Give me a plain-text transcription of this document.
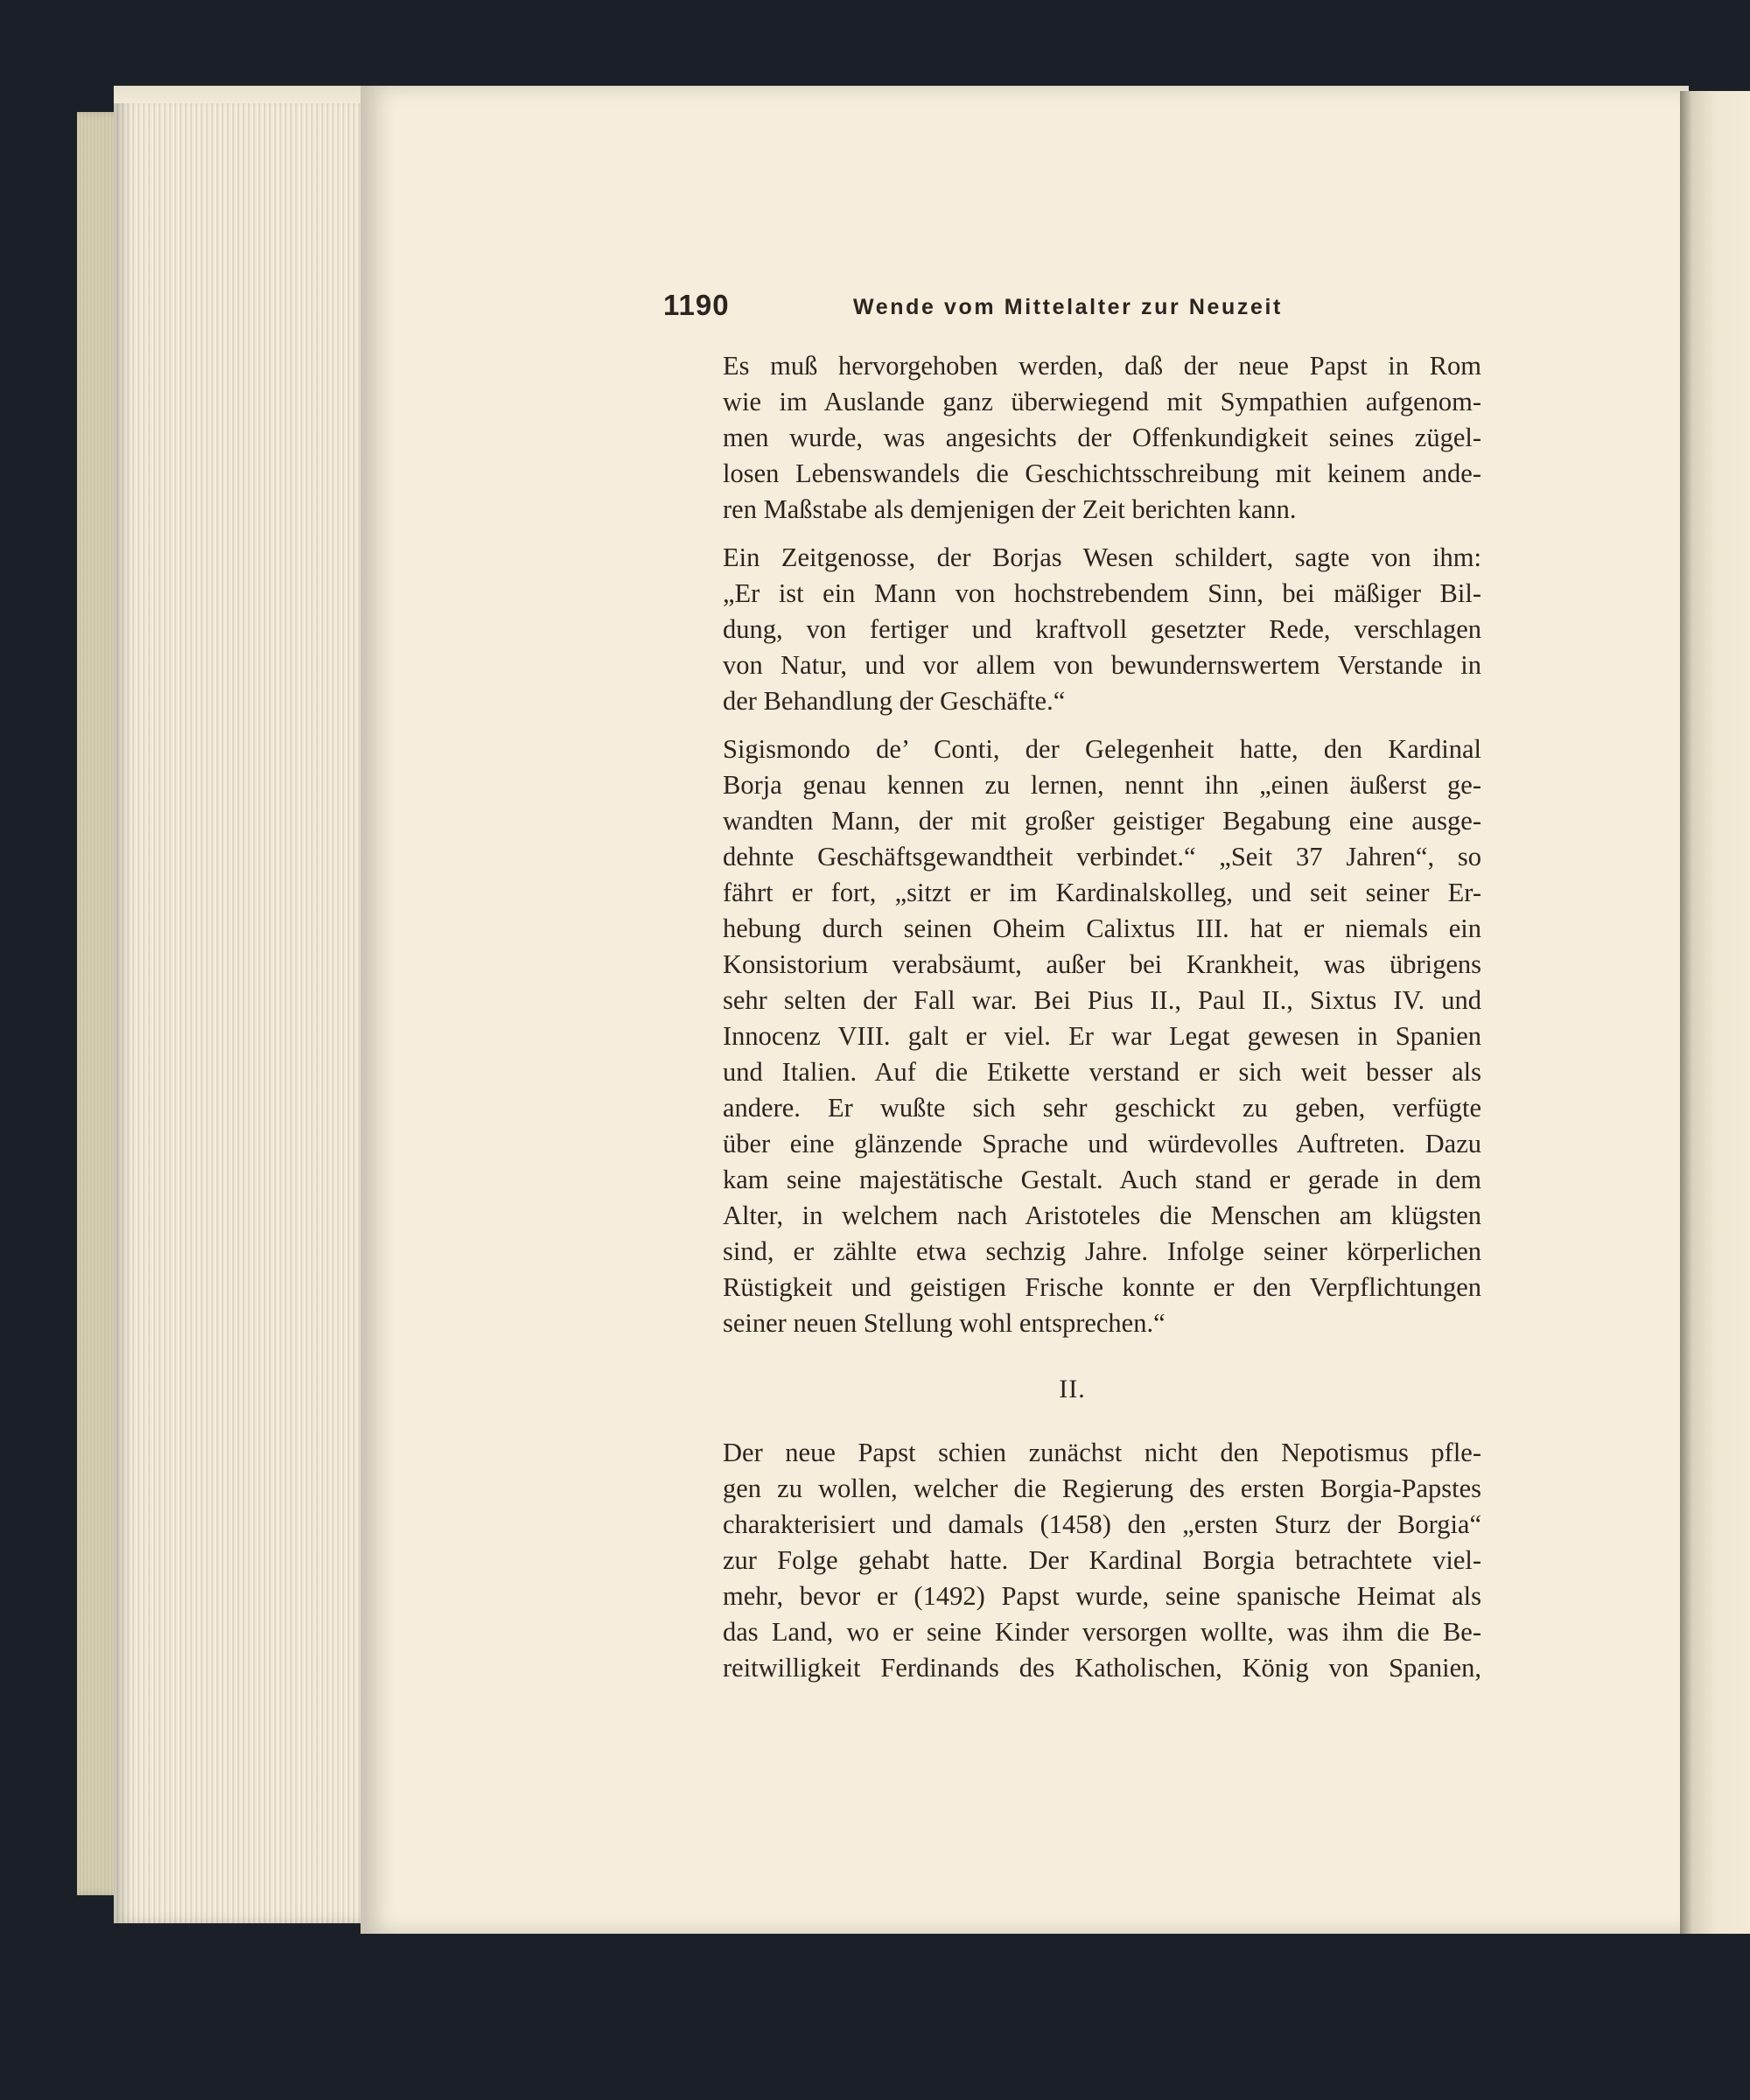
1190	Wende vom Mittelalter zur Neuzeit

Es muß hervorgehoben werden, daß der neue Papst in Rom
wie im Auslande ganz überwiegend mit Sympathien aufgenom-
men wurde, was angesichts der Offenkundigkeit seines zügel-
losen Lebenswandels die Geschichtsschreibung mit keinem ande-
ren Maßstabe als demjenigen der Zeit berichten kann.

Ein Zeitgenosse, der Borjas Wesen schildert, sagte von ihm:
„Er ist ein Mann von hochstrebendem Sinn, bei mäßiger Bil-
dung, von fertiger und kraftvoll gesetzter Rede, verschlagen
von Natur, und vor allem von bewundernswertem Verstande in
der Behandlung der Geschäfte.“

Sigismondo de’ Conti, der Gelegenheit hatte, den Kardinal
Borja genau kennen zu lernen, nennt ihn „einen äußerst ge-
wandten Mann, der mit großer geistiger Begabung eine ausge-
dehnte Geschäftsgewandtheit verbindet.“ „Seit 37 Jahren“, so
fährt er fort, „sitzt er im Kardinalskolleg, und seit seiner Er-
hebung durch seinen Oheim Calixtus III. hat er niemals ein
Konsistorium verabsäumt, außer bei Krankheit, was übrigens
sehr selten der Fall war. Bei Pius II., Paul II., Sixtus IV. und
Innocenz VIII. galt er viel. Er war Legat gewesen in Spanien
und Italien. Auf die Etikette verstand er sich weit besser als
andere. Er wußte sich sehr geschickt zu geben, verfügte
über eine glänzende Sprache und würdevolles Auftreten. Dazu
kam seine majestätische Gestalt. Auch stand er gerade in dem
Alter, in welchem nach Aristoteles die Menschen am klügsten
sind, er zählte etwa sechzig Jahre. Infolge seiner körperlichen
Rüstigkeit und geistigen Frische konnte er den Verpflichtungen
seiner neuen Stellung wohl entsprechen.“

II.

Der neue Papst schien zunächst nicht den Nepotismus pfle-
gen zu wollen, welcher die Regierung des ersten Borgia-Papstes
charakterisiert und damals (1458) den „ersten Sturz der Borgia“
zur Folge gehabt hatte. Der Kardinal Borgia betrachtete viel-
mehr, bevor er (1492) Papst wurde, seine spanische Heimat als
das Land, wo er seine Kinder versorgen wollte, was ihm die Be-
reitwilligkeit Ferdinands des Katholischen, König von Spanien,
